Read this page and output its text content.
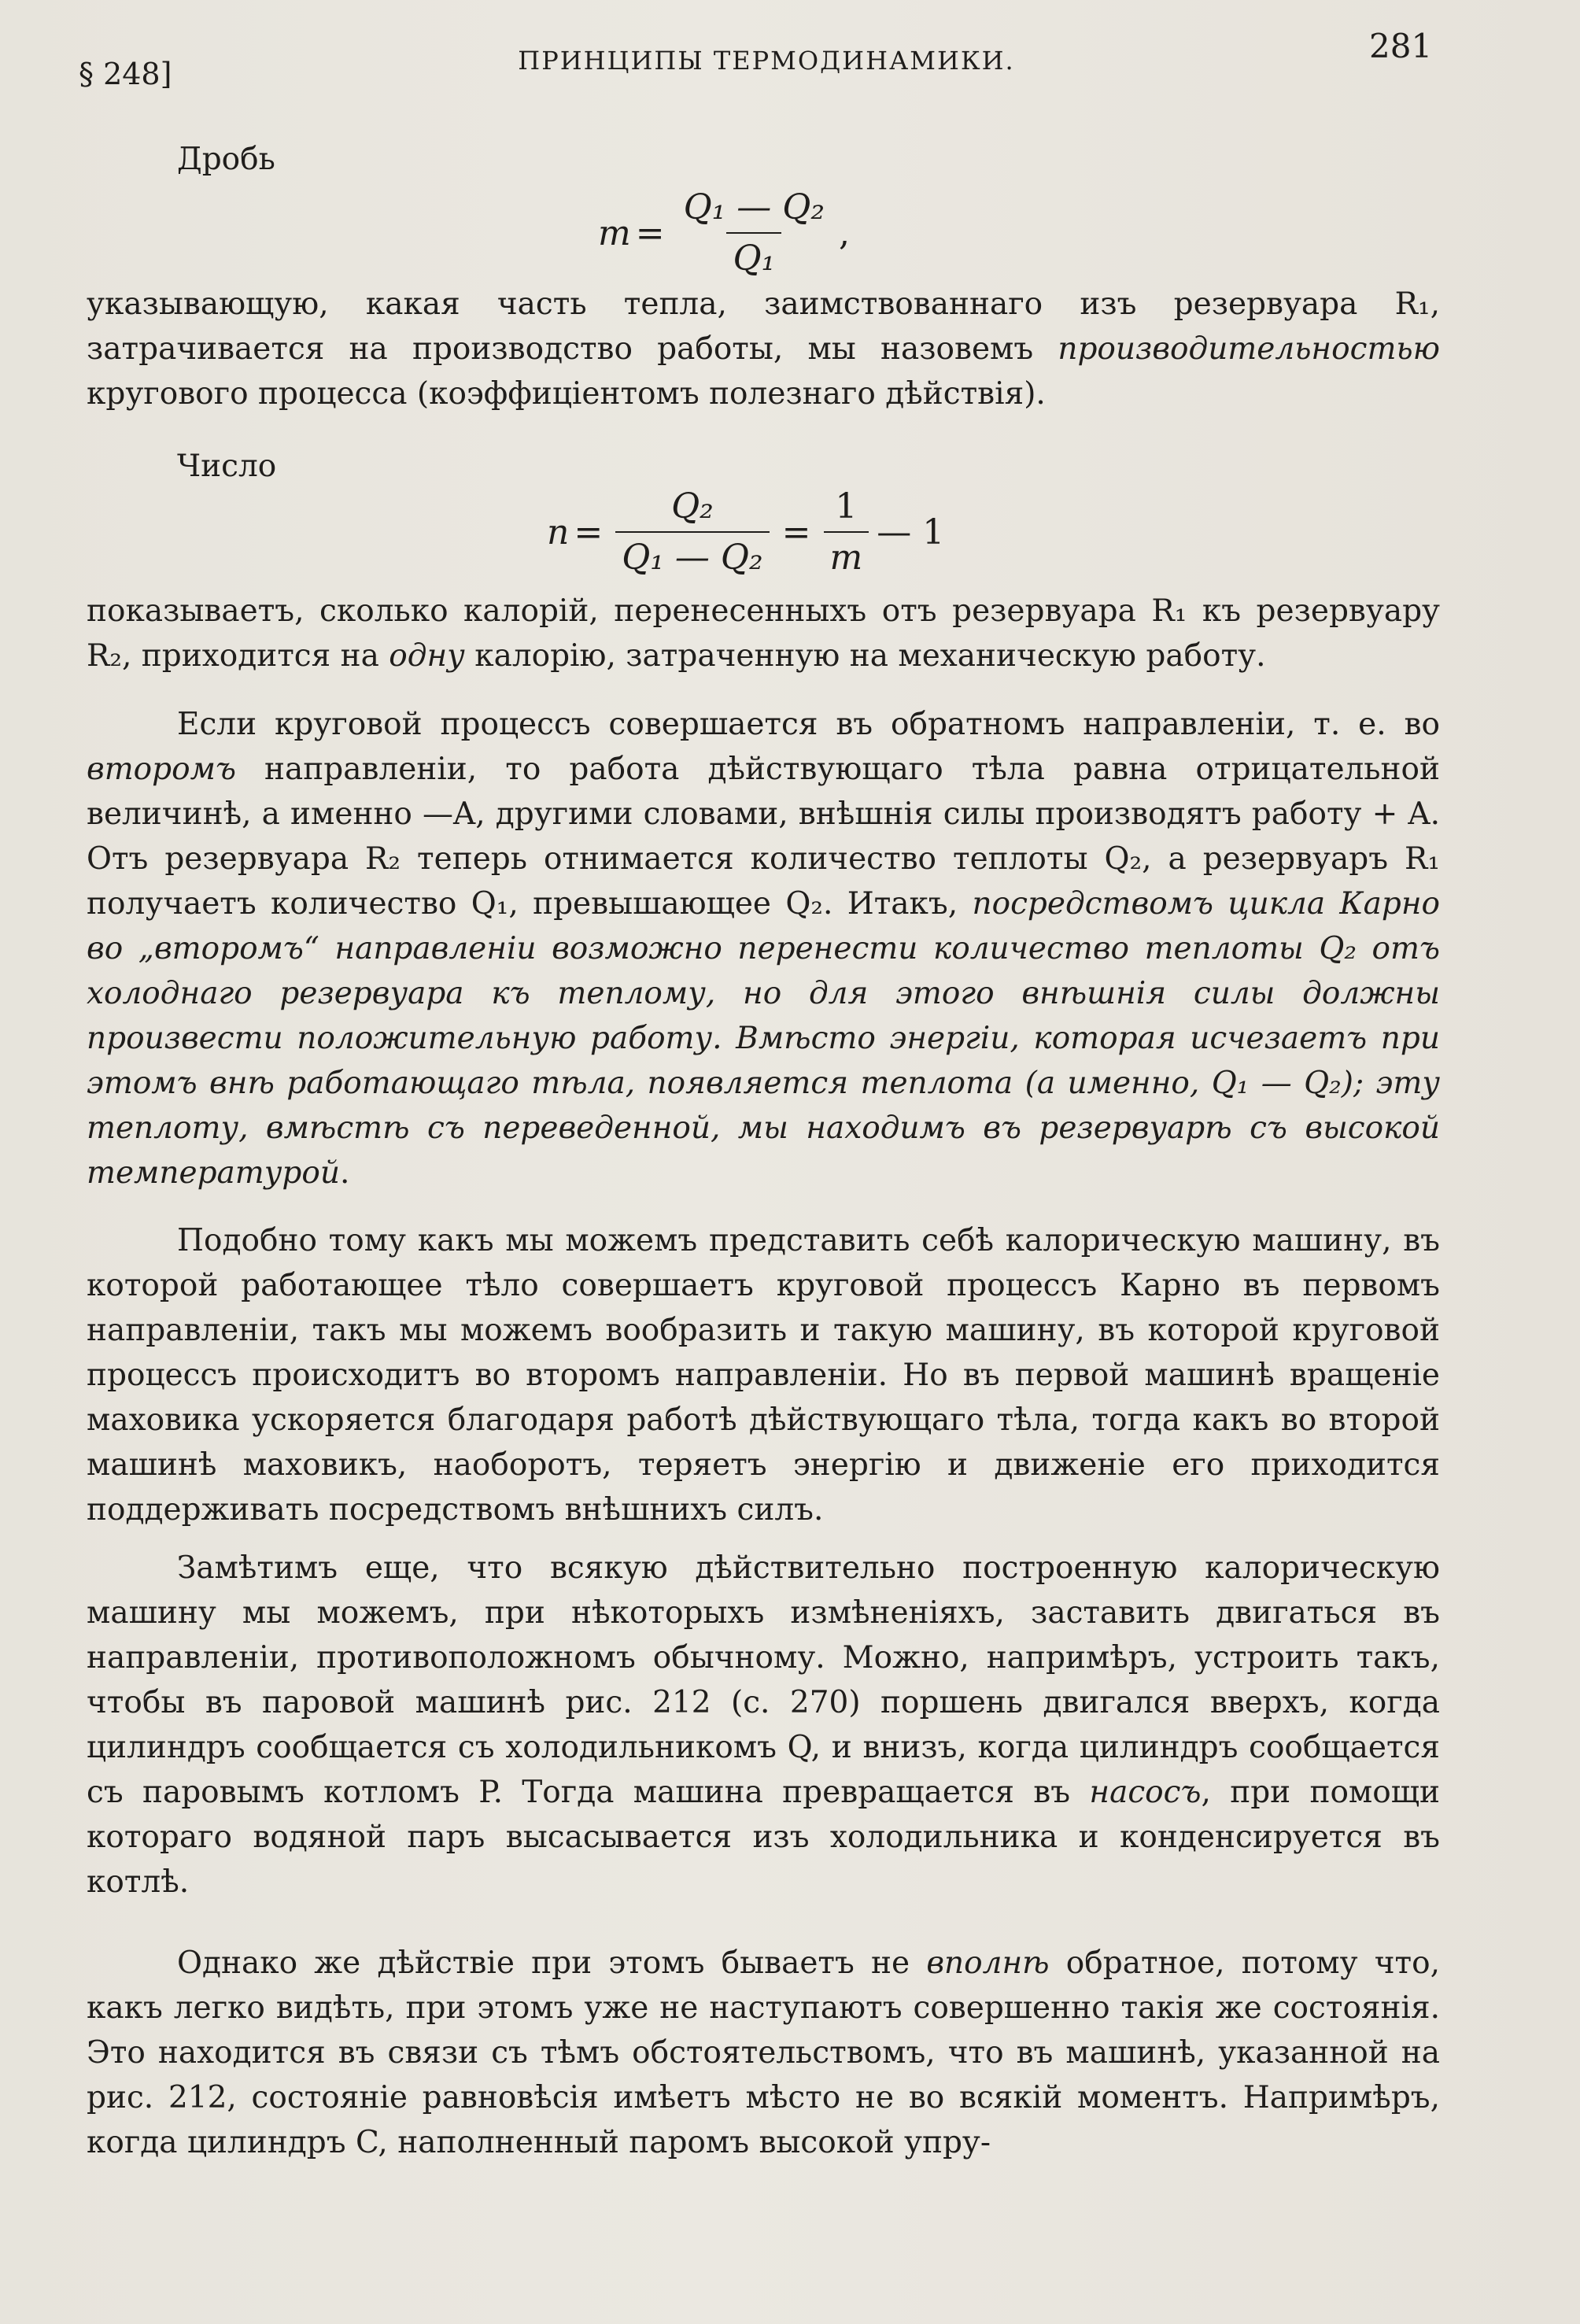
§ 248]	ПРИНЦИПЫ ТЕРМОДИНАМИКИ.	281
Дробь
$m = \frac{\text{Q₁ — Q₂}}{\text{Q₁}}$ ,
указывающую, какая часть тепла, заимствованнаго изъ резервуара R₁, затрачивается на производство работы, мы назовемъ производительностью кругового процесса (коэффиціентомъ полезнаго дѣйствія).
Число
$n = \frac{\text{Q₂}}{\text{Q₁ — Q₂}} = \frac{1}{m}$ — 1
показываетъ, сколько калорій, перенесенныхъ отъ резервуара R₁ къ резервуару R₂, приходится на одну калорію, затраченную на механическую работу.
Если круговой процессъ совершается въ обратномъ направленіи, т. е. во второмъ направленіи, то работа дѣйствующаго тѣла равна отрицательной величинѣ, а именно —A, другими словами, внѣшнія силы производятъ работу + A. Отъ резервуара R₂ теперь отнимается количество теплоты Q₂, а резервуаръ R₁ получаетъ количество Q₁, превышающее Q₂. Итакъ, посредствомъ цикла Карно во „второмъ“ направленіи возможно перенести количество теплоты Q₂ отъ холоднаго резервуара къ теплому, но для этого внѣшнія силы должны произвести положительную работу. Вмѣсто энергіи, которая исчезаетъ при этомъ внѣ работающаго тѣла, появляется теплота (а именно, Q₁ — Q₂); эту теплоту, вмѣстѣ съ переведенной, мы находимъ въ резервуарѣ съ высокой температурой.
Подобно тому какъ мы можемъ представить себѣ калорическую машину, въ которой работающее тѣло совершаетъ круговой процессъ Карно въ первомъ направленіи, такъ мы можемъ вообразить и такую машину, въ которой круговой процессъ происходитъ во второмъ направленіи. Но въ первой машинѣ вращеніе маховика ускоряется благодаря работѣ дѣйствующаго тѣла, тогда какъ во второй машинѣ маховикъ, наоборотъ, теряетъ энергію и движеніе его приходится поддерживать посредствомъ внѣшнихъ силъ.
Замѣтимъ еще, что всякую дѣйствительно построенную калорическую машину мы можемъ, при нѣкоторыхъ измѣненіяхъ, заставить двигаться въ направленіи, противоположномъ обычному. Можно, напримѣръ, устроить такъ, чтобы въ паровой машинѣ рис. 212 (с. 270) поршень двигался вверхъ, когда цилиндръ сообщается съ холодильникомъ Q, и внизъ, когда цилиндръ сообщается съ паровымъ котломъ P. Тогда машина превращается въ насосъ, при помощи котораго водяной паръ высасывается изъ холодильника и конденсируется въ котлѣ.
Однако же дѣйствіе при этомъ бываетъ не вполнѣ обратное, потому что, какъ легко видѣть, при этомъ уже не наступаютъ совершенно такія же состоянія. Это находится въ связи съ тѣмъ обстоятельствомъ, что въ машинѣ, указанной на рис. 212, состояніе равновѣсія имѣетъ мѣсто не во всякій моментъ. Напримѣръ, когда цилиндръ C, наполненный паромъ высокой упру-
